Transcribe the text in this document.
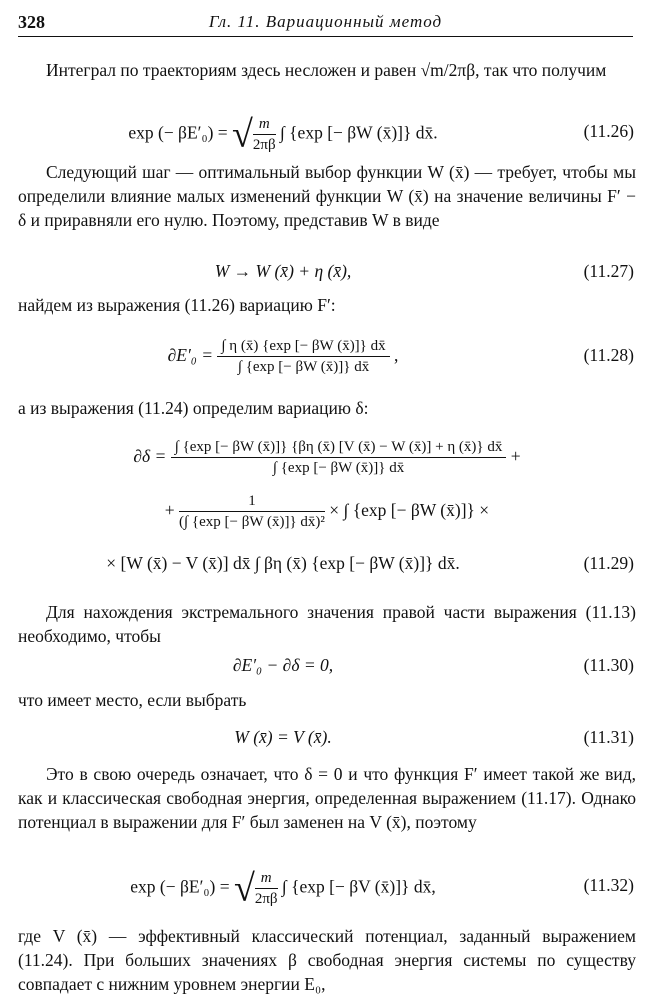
328	Гл. 11. Вариационный метод
Интеграл по траекториям здесь несложен и равен √m/2πβ, так что получим
exp (− βE′₀) = √ $\frac{m}{2\pi\beta}$ ∫ {exp [− βW (x̄)]} dx̄.	(11.26)
Следующий шаг — оптимальный выбор функции W (x̄) — требует, чтобы мы определили влияние малых изменений функции W (x̄) на значение величины F′ − δ и приравняли его нулю. Поэтому, представив W в виде
W → W (x̄) + η (x̄),	(11.27)
найдем из выражения (11.26) вариацию F′:
$\partial E'_0 = \frac{\int \eta (x̄) \{\exp [- \beta W (x̄)]\} dx̄}{\int \{\exp [- \beta W (x̄)]\} dx̄}$ ,	(11.28)
а из выражения (11.24) определим вариацию δ:
$\partial\delta = \frac{\int \{\exp [- \beta W (x̄)]\} \{\beta\eta (x̄) [V (x̄) - W (x̄)] + \eta (x̄)\} dx̄}{\int \{\exp [- \beta W (x̄)]\} dx̄}$ +
+ $\frac{1}{\text{(∫ \{exp [− βW (x̄)]\} dx̄)²}}$ × ∫ {exp [− βW (x̄)]} ×
× [W (x̄) − V (x̄)] dx̄ ∫ βη (x̄) {exp [− βW (x̄)]} dx̄.	(11.29)
Для нахождения экстремального значения правой части выражения (11.13) необходимо, чтобы
∂E′₀ − ∂δ = 0,	(11.30)
что имеет место, если выбрать
W (x̄) = V (x̄).	(11.31)
Это в свою очередь означает, что δ = 0 и что функция F′ имеет такой же вид, как и классическая свободная энергия, определенная выражением (11.17). Однако потенциал в выражении для F′ был заменен на V (x̄), поэтому
exp (− βE′₀) = √ $\frac{m}{2\pi\beta}$ ∫ {exp [− βV (x̄)]} dx̄,	(11.32)
где V (x̄) — эффективный классический потенциал, заданный выражением (11.24). При больших значениях β свободная энергия системы по существу совпадает с нижним уровнем энергии E₀,
